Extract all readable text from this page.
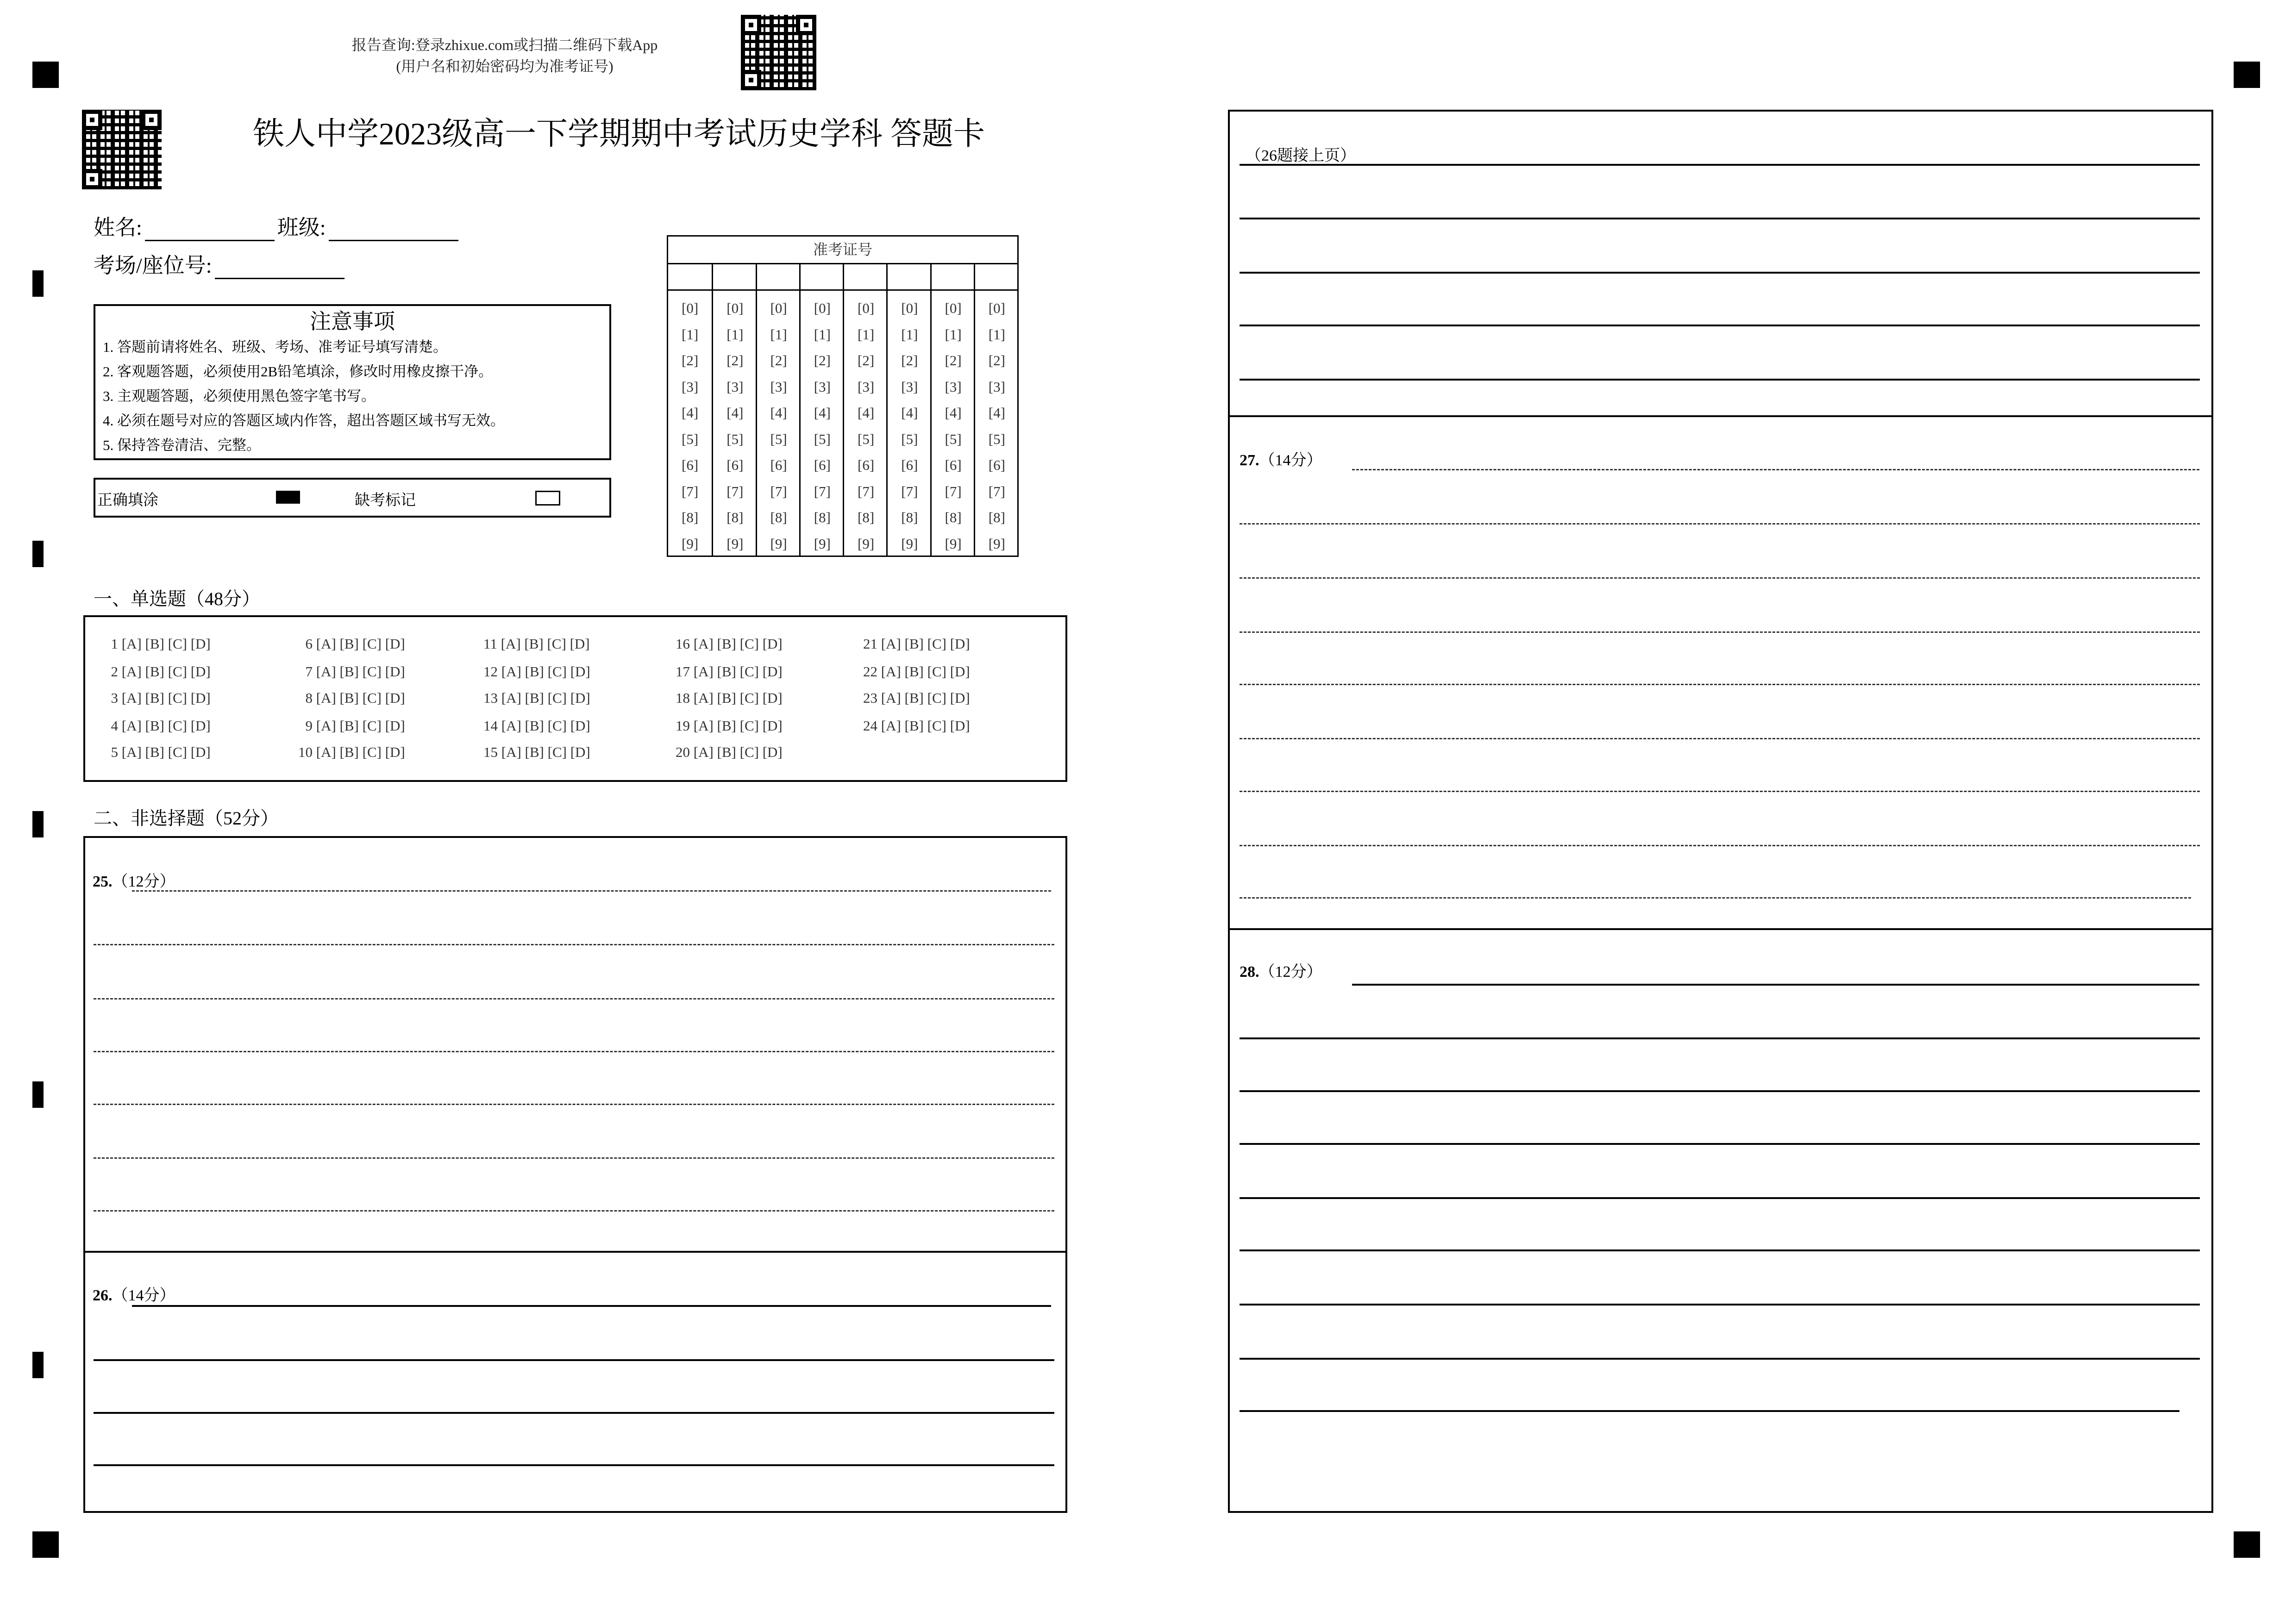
报告查询:登录zhixue.com或扫描二维码下载App
(用户名和初始密码均为准考证号)
铁人中学2023级高一下学期期中考试历史学科 答题卡
姓名:	班级:
考场/座位号:
注意事项
1. 答题前请将姓名、班级、考场、准考证号填写清楚。
2. 客观题答题，必须使用2B铅笔填涂，修改时用橡皮擦干净。
3. 主观题答题，必须使用黑色签字笔书写。
4. 必须在题号对应的答题区域内作答，超出答题区域书写无效。
5. 保持答卷清洁、完整。
正确填涂	缺考标记
准考证号
[0]
[1]
[2]
[3]
[4]
[5]
[6]
[7]
[8]
[9]
[0]
[1]
[2]
[3]
[4]
[5]
[6]
[7]
[8]
[9]
[0]
[1]
[2]
[3]
[4]
[5]
[6]
[7]
[8]
[9]
[0]
[1]
[2]
[3]
[4]
[5]
[6]
[7]
[8]
[9]
[0]
[1]
[2]
[3]
[4]
[5]
[6]
[7]
[8]
[9]
[0]
[1]
[2]
[3]
[4]
[5]
[6]
[7]
[8]
[9]
[0]
[1]
[2]
[3]
[4]
[5]
[6]
[7]
[8]
[9]
[0]
[1]
[2]
[3]
[4]
[5]
[6]
[7]
[8]
[9]
一、单选题（48分）
 1 [A] [B] [C] [D]
 2 [A] [B] [C] [D]
 3 [A] [B] [C] [D]
 4 [A] [B] [C] [D]
 5 [A] [B] [C] [D]
 6 [A] [B] [C] [D]
 7 [A] [B] [C] [D]
 8 [A] [B] [C] [D]
 9 [A] [B] [C] [D]
10 [A] [B] [C] [D]
11 [A] [B] [C] [D]
12 [A] [B] [C] [D]
13 [A] [B] [C] [D]
14 [A] [B] [C] [D]
15 [A] [B] [C] [D]
16 [A] [B] [C] [D]
17 [A] [B] [C] [D]
18 [A] [B] [C] [D]
19 [A] [B] [C] [D]
20 [A] [B] [C] [D]
21 [A] [B] [C] [D]
22 [A] [B] [C] [D]
23 [A] [B] [C] [D]
24 [A] [B] [C] [D]
二、非选择题（52分）
25.（12分）
26.（14分）
（26题接上页）
27.（14分）
28.（12分）
